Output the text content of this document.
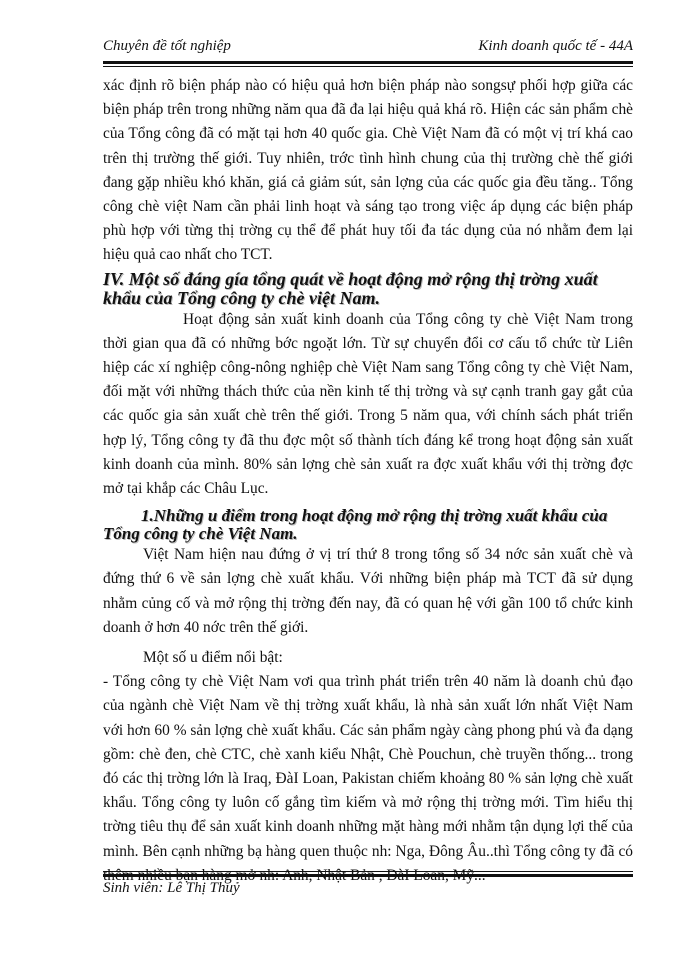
Chuyên đề tốt nghiệp	Kinh doanh quốc tế - 44A

xác định rõ biện pháp nào có hiệu quả hơn biện pháp nào songsự phối hợp giữa các biện pháp trên trong những năm qua đã đa lại hiệu quả khá rõ. Hiện các sản phẩm chè của Tổng công đã có mặt tại hơn 40 quốc gia. Chè Việt Nam đã có một vị trí khá cao trên thị trường thế giới. Tuy nhiên, trớc tình hình chung của thị trường chè thế giới đang gặp nhiều khó khăn, giá cả giảm sút, sản lợng của các quốc gia đều tăng.. Tổng công chè việt Nam cần phải linh hoạt và sáng tạo trong việc áp dụng các biện pháp phù hợp với từng thị trờng cụ thể để phát huy tối đa tác dụng của nó nhằm đem lại hiệu quả cao nhất cho TCT.

IV. Một số đáng gía tổng quát về hoạt động mở rộng thị trờng xuất khẩu của Tổng công ty chè việt Nam.

Hoạt động sản xuất kinh doanh của Tổng công ty chè Việt Nam trong thời gian qua đã có những bớc ngoặt lớn. Từ sự chuyển đổi cơ cấu tổ chức từ Liên hiệp các xí nghiệp công-nông nghiệp chè Việt Nam sang Tổng công ty chè Việt Nam, đối mặt với những thách thức của nền kinh tế thị trờng và sự cạnh tranh gay gắt của các quốc gia sản xuất chè trên thế giới. Trong 5 năm qua, với chính sách phát triển hợp lý, Tổng công ty đã thu đợc một số thành tích đáng kể trong hoạt động sản xuất kinh doanh của mình. 80% sản lợng chè sản xuất ra đợc xuất khẩu với thị trờng đợc mở tại khắp các Châu Lục.

1.Những u điểm trong hoạt động mở rộng thị trờng xuất khẩu của Tổng công ty chè Việt Nam.

Việt Nam hiện nau đứng ở vị trí thứ 8 trong tổng số 34 nớc sản xuất chè và đứng thứ 6 về sản lợng chè xuất khẩu. Với những biện pháp mà TCT đã sử dụng nhằm củng cố và mở rộng thị trờng đến nay, đã có quan hệ với gần 100 tổ chức kinh doanh ở hơn 40 nớc trên thế giới.

Một số u điểm nổi bật:

- Tổng công ty chè Việt Nam vơi qua trình phát triển trên 40 năm là doanh chủ đạo của ngành chè Việt Nam về thị trờng xuất khẩu, là nhà sản xuất lớn nhất Việt Nam với hơn 60 % sản lợng chè xuất khẩu. Các sản phẩm ngày càng phong phú và đa dạng gồm: chè đen, chè CTC, chè xanh kiểu Nhật, Chè Pouchun, chè truyền thống... trong đó các thị trờng lớn là Iraq, ĐàI Loan, Pakistan chiếm khoảng 80 % sản lợng chè xuất khẩu. Tổng công ty luôn cố gắng tìm kiếm và mở rộng thị trờng mới. Tìm hiểu thị trờng tiêu thụ để sản xuất kinh doanh những mặt hàng mới nhằm tận dụng lợi thế của mình. Bên cạnh những bạ hàng quen thuộc nh: Nga, Đông Âu..thì Tổng công ty đã có

Sinh viên: Lê Thị Thuỷ
